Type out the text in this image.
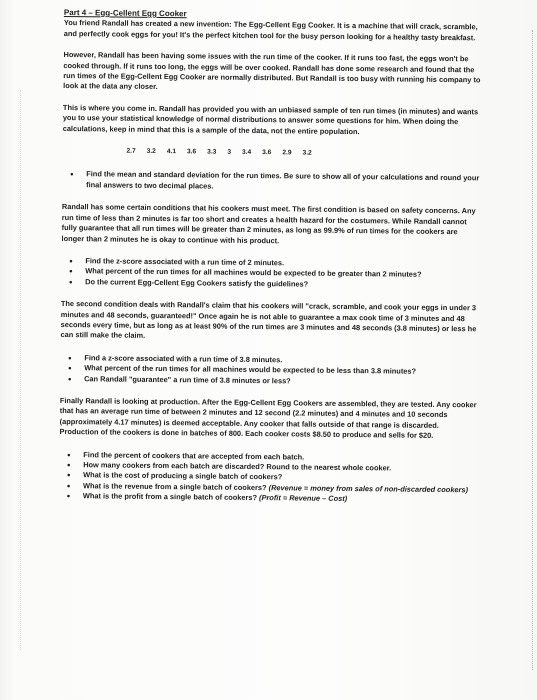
Part 4 – Egg-Cellent Egg Cooker

You friend Randall has created a new invention: The Egg-Cellent Egg Cooker. It is a machine that will crack, scramble, and perfectly cook eggs for you! It's the perfect kitchen tool for the busy person looking for a healthy tasty breakfast.

However, Randall has been having some issues with the run time of the cooker. If it runs too fast, the eggs won't be cooked through. If it runs too long, the eggs will be over cooked. Randall has done some research and found that the run times of the Egg-Cellent Egg Cooker are normally distributed. But Randall is too busy with running his company to look at the data any closer.

This is where you come in. Randall has provided you with an unbiased sample of ten run times (in minutes) and wants you to use your statistical knowledge of normal distributions to answer some questions for him. When doing the calculations, keep in mind that this is a sample of the data, not the entire population.

2.7 3.2 4.1 3.6 3.3 3 3.4 3.6 2.9 3.2
• Find the mean and standard deviation for the run times. Be sure to show all of your calculations and round your final answers to two decimal places.

Randall has some certain conditions that his cookers must meet. The first condition is based on safety concerns. Any run time of less than 2 minutes is far too short and creates a health hazard for the costumers. While Randall cannot fully guarantee that all run times will be greater than 2 minutes, as long as 99.9% of run times for the cookers are longer than 2 minutes he is okay to continue with his product.

• Find the z-score associated with a run time of 2 minutes.
• What percent of the run times for all machines would be expected to be greater than 2 minutes?
• Do the current Egg-Cellent Egg Cookers satisfy the guidelines?

The second condition deals with Randall's claim that his cookers will "crack, scramble, and cook your eggs in under 3 minutes and 48 seconds, guaranteed!" Once again he is not able to guarantee a max cook time of 3 minutes and 48 seconds every time, but as long as at least 90% of the run times are 3 minutes and 48 seconds (3.8 minutes) or less he can still make the claim.

• Find a z-score associated with a run time of 3.8 minutes.
• What percent of the run times for all machines would be expected to be less than 3.8 minutes?
• Can Randall "guarantee" a run time of 3.8 minutes or less?

Finally Randall is looking at production. After the Egg-Cellent Egg Cookers are assembled, they are tested. Any cooker that has an average run time of between 2 minutes and 12 second (2.2 minutes) and 4 minutes and 10 seconds (approximately 4.17 minutes) is deemed acceptable. Any cooker that falls outside of that range is discarded. Production of the cookers is done in batches of 800. Each cooker costs $8.50 to produce and sells for $20.

• Find the percent of cookers that are accepted from each batch.
• How many cookers from each batch are discarded? Round to the nearest whole cooker.
• What is the cost of producing a single batch of cookers?
• What is the revenue from a single batch of cookers? (Revenue = money from sales of non-discarded cookers)
• What is the profit from a single batch of cookers? (Profit = Revenue – Cost)
